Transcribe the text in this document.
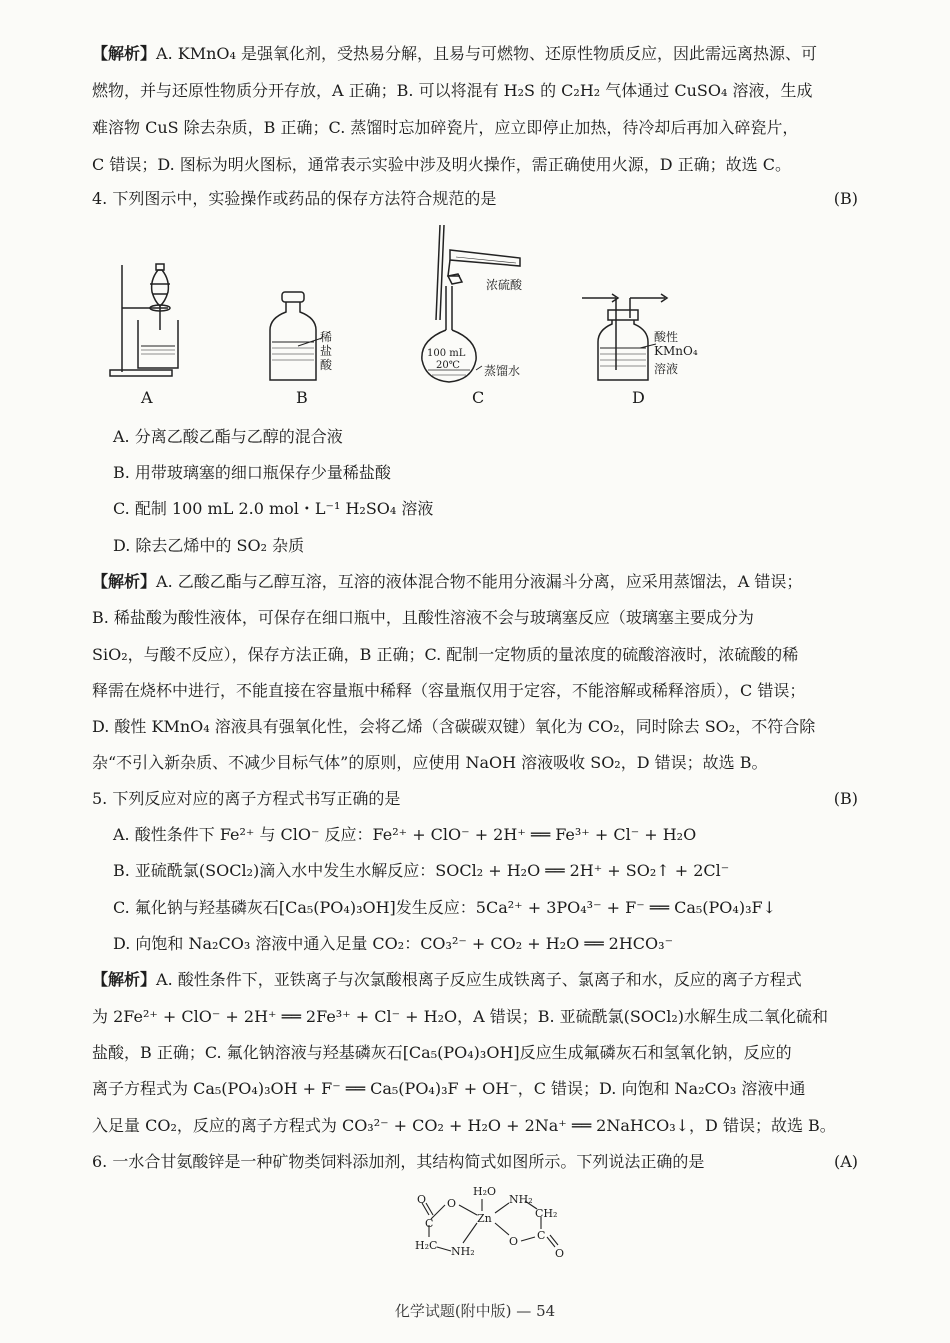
【解析】A. KMnO₄ 是强氧化剂，受热易分解，且易与可燃物、还原性物质反应，因此需远离热源、可
燃物，并与还原性物质分开存放，A 正确；B. 可以将混有 H₂S 的 C₂H₂ 气体通过 CuSO₄ 溶液，生成
难溶物 CuS 除去杂质，B 正确；C. 蒸馏时忘加碎瓷片，应立即停止加热，待冷却后再加入碎瓷片，
C 错误；D. 图标为明火图标，通常表示实验中涉及明火操作，需正确使用火源，D 正确；故选 C。
4. 下列图示中，实验操作或药品的保存方法符合规范的是	(B)
稀盐酸
浓硫酸
100 mL
20℃ 蒸馏水
酸性
KMnO₄
溶液
A	B	C	D
A. 分离乙酸乙酯与乙醇的混合液
B. 用带玻璃塞的细口瓶保存少量稀盐酸
C. 配制 100 mL 2.0 mol・L⁻¹ H₂SO₄ 溶液
D. 除去乙烯中的 SO₂ 杂质
【解析】A. 乙酸乙酯与乙醇互溶，互溶的液体混合物不能用分液漏斗分离，应采用蒸馏法，A 错误；
B. 稀盐酸为酸性液体，可保存在细口瓶中，且酸性溶液不会与玻璃塞反应（玻璃塞主要成分为
SiO₂，与酸不反应），保存方法正确，B 正确；C. 配制一定物质的量浓度的硫酸溶液时，浓硫酸的稀
释需在烧杯中进行，不能直接在容量瓶中稀释（容量瓶仅用于定容，不能溶解或稀释溶质），C 错误；
D. 酸性 KMnO₄ 溶液具有强氧化性，会将乙烯（含碳碳双键）氧化为 CO₂，同时除去 SO₂，不符合除
杂“不引入新杂质、不减少目标气体”的原则，应使用 NaOH 溶液吸收 SO₂，D 错误；故选 B。
5. 下列反应对应的离子方程式书写正确的是	(B)
A. 酸性条件下 Fe²⁺ 与 ClO⁻ 反应：Fe²⁺ + ClO⁻ + 2H⁺ ══ Fe³⁺ + Cl⁻ + H₂O
B. 亚硫酰氯(SOCl₂)滴入水中发生水解反应：SOCl₂ + H₂O ══ 2H⁺ + SO₂↑ + 2Cl⁻
C. 氟化钠与羟基磷灰石[Ca₅(PO₄)₃OH]发生反应：5Ca²⁺ + 3PO₄³⁻ + F⁻ ══ Ca₅(PO₄)₃F↓
D. 向饱和 Na₂CO₃ 溶液中通入足量 CO₂：CO₃²⁻ + CO₂ + H₂O ══ 2HCO₃⁻
【解析】A. 酸性条件下，亚铁离子与次氯酸根离子反应生成铁离子、氯离子和水，反应的离子方程式
为 2Fe²⁺ + ClO⁻ + 2H⁺ ══ 2Fe³⁺ + Cl⁻ + H₂O，A 错误；B. 亚硫酰氯(SOCl₂)水解生成二氧化硫和
盐酸，B 正确；C. 氟化钠溶液与羟基磷灰石[Ca₅(PO₄)₃OH]反应生成氟磷灰石和氢氧化钠，反应的
离子方程式为 Ca₅(PO₄)₃OH + F⁻ ══ Ca₅(PO₄)₃F + OH⁻，C 错误；D. 向饱和 Na₂CO₃ 溶液中通
入足量 CO₂，反应的离子方程式为 CO₃²⁻ + CO₂ + H₂O + 2Na⁺ ══ 2NaHCO₃↓，D 错误；故选 B。
6. 一水合甘氨酸锌是一种矿物类饲料添加剂，其结构简式如图所示。下列说法正确的是	(A)
H₂O
Zn
NH₂
NH₂
H₂C
CH₂
O
O
C
O C
O
化学试题(附中版) — 54
